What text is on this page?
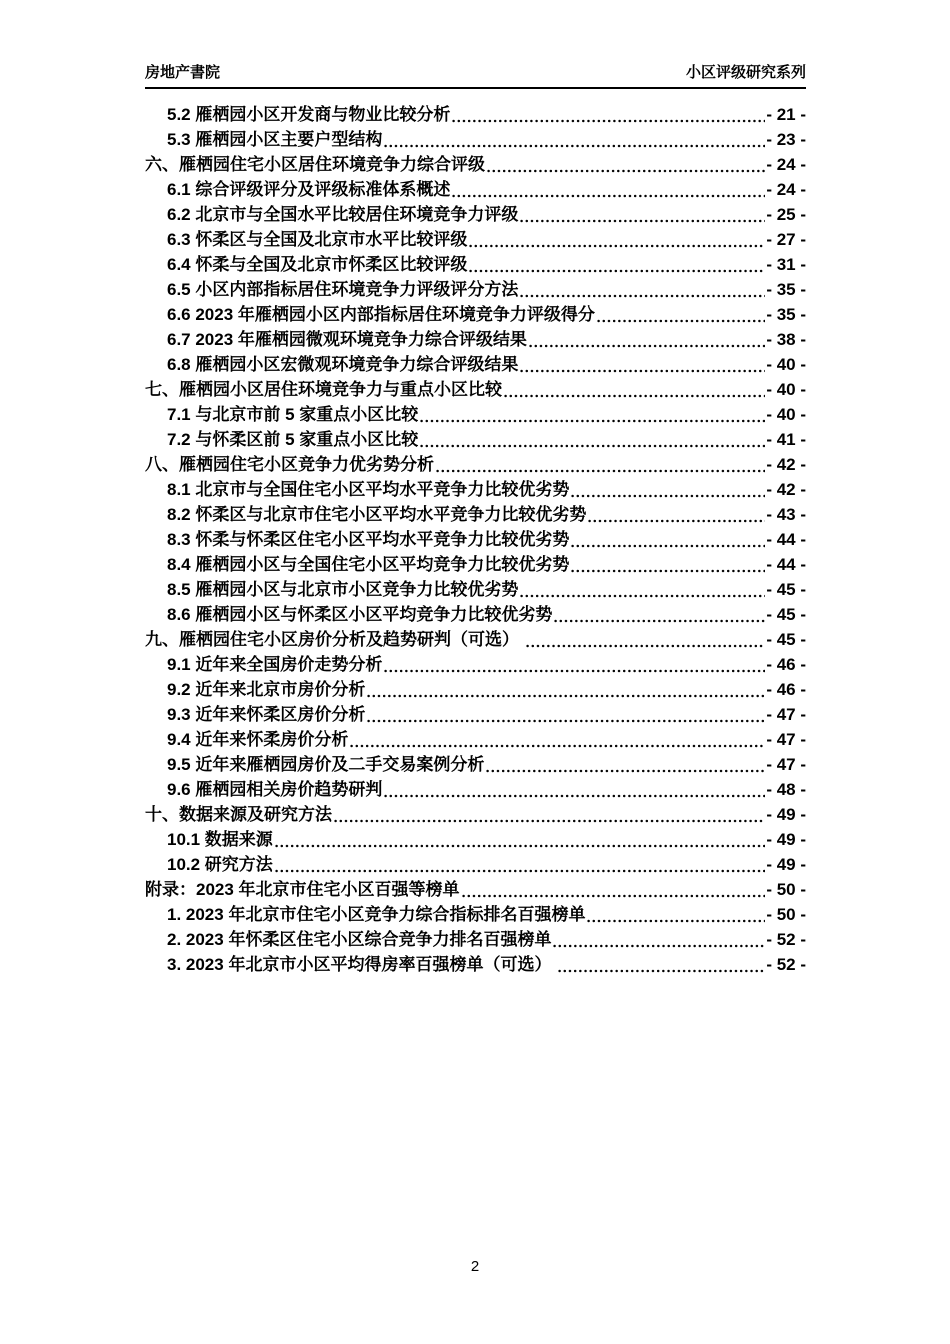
房地产書院	小区评级研究系列
5.2 雁栖园小区开发商与物业比较分析	- 21 -
5.3 雁栖园小区主要户型结构	- 23 -
六、雁栖园住宅小区居住环境竞争力综合评级	- 24 -
6.1 综合评级评分及评级标准体系概述	- 24 -
6.2 北京市与全国水平比较居住环境竞争力评级	- 25 -
6.3 怀柔区与全国及北京市水平比较评级	- 27 -
6.4 怀柔与全国及北京市怀柔区比较评级	- 31 -
6.5 小区内部指标居住环境竞争力评级评分方法	- 35 -
6.6 2023 年雁栖园小区内部指标居住环境竞争力评级得分	- 35 -
6.7 2023 年雁栖园微观环境竞争力综合评级结果	- 38 -
6.8 雁栖园小区宏微观环境竞争力综合评级结果	- 40 -
七、雁栖园小区居住环境竞争力与重点小区比较	- 40 -
7.1 与北京市前 5 家重点小区比较	- 40 -
7.2 与怀柔区前 5 家重点小区比较	- 41 -
八、雁栖园住宅小区竞争力优劣势分析	- 42 -
8.1 北京市与全国住宅小区平均水平竞争力比较优劣势	- 42 -
8.2 怀柔区与北京市住宅小区平均水平竞争力比较优劣势	- 43 -
8.3 怀柔与怀柔区住宅小区平均水平竞争力比较优劣势	- 44 -
8.4 雁栖园小区与全国住宅小区平均竞争力比较优劣势	- 44 -
8.5 雁栖园小区与北京市小区竞争力比较优劣势	- 45 -
8.6 雁栖园小区与怀柔区小区平均竞争力比较优劣势	- 45 -
九、雁栖园住宅小区房价分析及趋势研判（可选）	- 45 -
9.1 近年来全国房价走势分析	- 46 -
9.2 近年来北京市房价分析	- 46 -
9.3 近年来怀柔区房价分析	- 47 -
9.4 近年来怀柔房价分析	- 47 -
9.5 近年来雁栖园房价及二手交易案例分析	- 47 -
9.6 雁栖园相关房价趋势研判	- 48 -
十、数据来源及研究方法	- 49 -
10.1 数据来源	- 49 -
10.2 研究方法	- 49 -
附录：2023 年北京市住宅小区百强等榜单	- 50 -
1. 2023 年北京市住宅小区竞争力综合指标排名百强榜单	- 50 -
2. 2023 年怀柔区住宅小区综合竞争力排名百强榜单	- 52 -
3. 2023 年北京市小区平均得房率百强榜单（可选）	- 52 -
2
